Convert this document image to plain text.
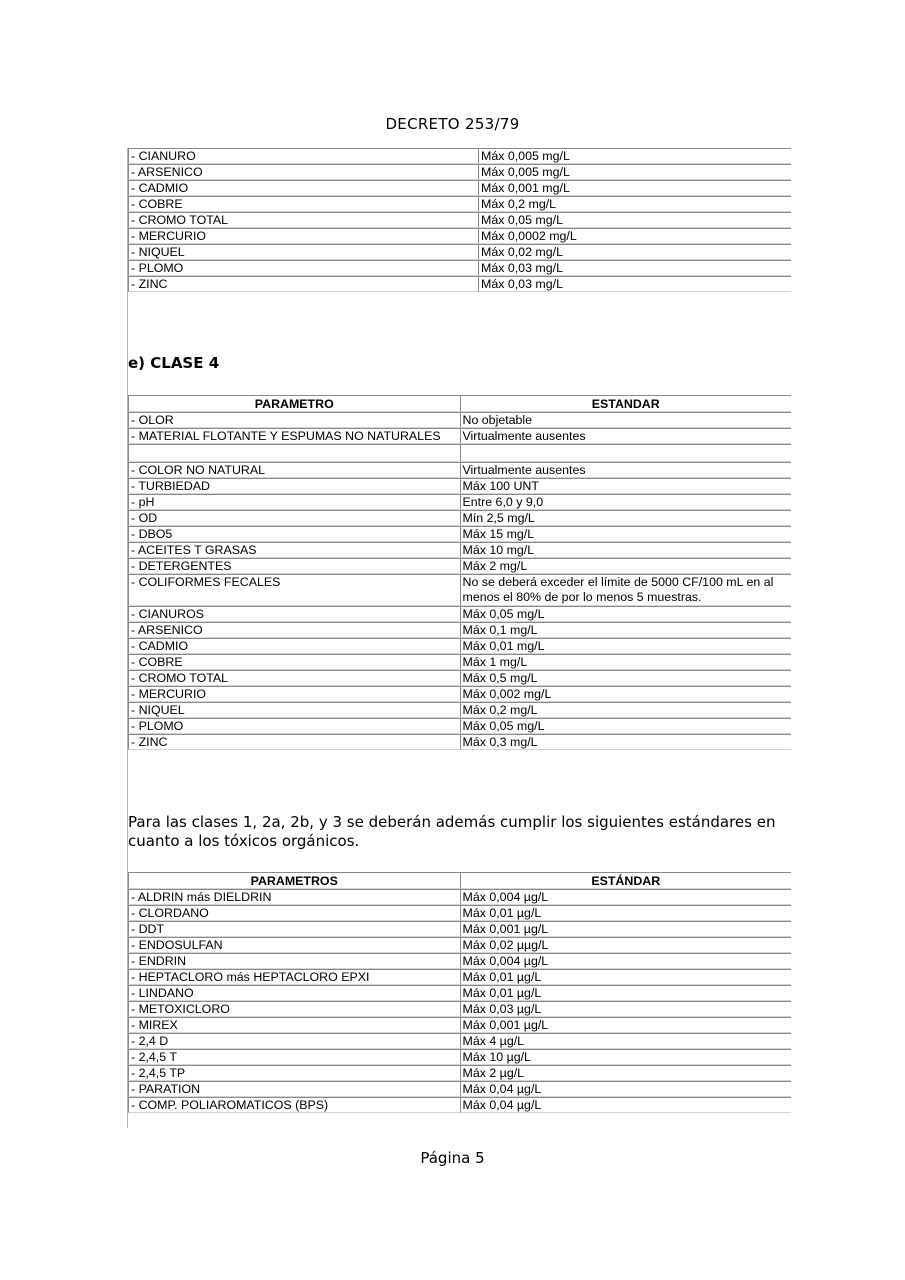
DECRETO 253/79
- CIANURO	Máx 0,005 mg/L
- ARSENICO	Máx 0,005 mg/L
- CADMIO	Máx 0,001 mg/L
- COBRE	Máx 0,2 mg/L
- CROMO TOTAL	Máx 0,05 mg/L
- MERCURIO	Máx 0,0002 mg/L
- NIQUEL	Máx 0,02 mg/L
- PLOMO	Máx 0,03 mg/L
- ZINC	Máx 0,03 mg/L
e) CLASE 4
PARAMETRO	ESTANDAR
- OLOR	No objetable
- MATERIAL FLOTANTE Y ESPUMAS NO NATURALES	Virtualmente ausentes

- COLOR NO NATURAL	Virtualmente ausentes
- TURBIEDAD	Máx 100 UNT
- pH	Entre 6,0 y 9,0
- OD	Mín 2,5 mg/L
- DBO5	Máx 15 mg/L
- ACEITES T GRASAS	Máx 10 mg/L
- DETERGENTES	Máx 2 mg/L
- COLIFORMES FECALES	No se deberá exceder el límite de 5000 CF/100 mL en al menos el 80% de por lo menos 5 muestras.
- CIANUROS	Máx 0,05 mg/L
- ARSENICO	Máx 0,1 mg/L
- CADMIO	Máx 0,01 mg/L
- COBRE	Máx 1 mg/L
- CROMO TOTAL	Máx 0,5 mg/L
- MERCURIO	Máx 0,002 mg/L
- NIQUEL	Máx 0,2 mg/L
- PLOMO	Máx 0,05 mg/L
- ZINC	Máx 0,3 mg/L
Para las clases 1, 2a, 2b, y 3 se deberán además cumplir los siguientes estándares en cuanto a los tóxicos orgánicos.
PARAMETROS	ESTÁNDAR
- ALDRIN más DIELDRIN	Máx 0,004 µg/L
- CLORDANO	Máx 0,01 µg/L
- DDT	Máx 0,001 µg/L
- ENDOSULFAN	Máx 0,02 µµg/L
- ENDRIN	Máx 0,004 µg/L
- HEPTACLORO más HEPTACLORO EPXI	Máx 0,01 µg/L
- LINDANO	Máx 0,01 µg/L
- METOXICLORO	Máx 0,03 µg/L
- MIREX	Máx 0,001 µg/L
- 2,4 D	Máx 4 µg/L
- 2,4,5 T	Máx 10 µg/L
- 2,4,5 TP	Máx 2 µg/L
- PARATION	Máx 0,04 µg/L
- COMP. POLIAROMATICOS (BPS)	Máx 0,04 µg/L
Página 5
